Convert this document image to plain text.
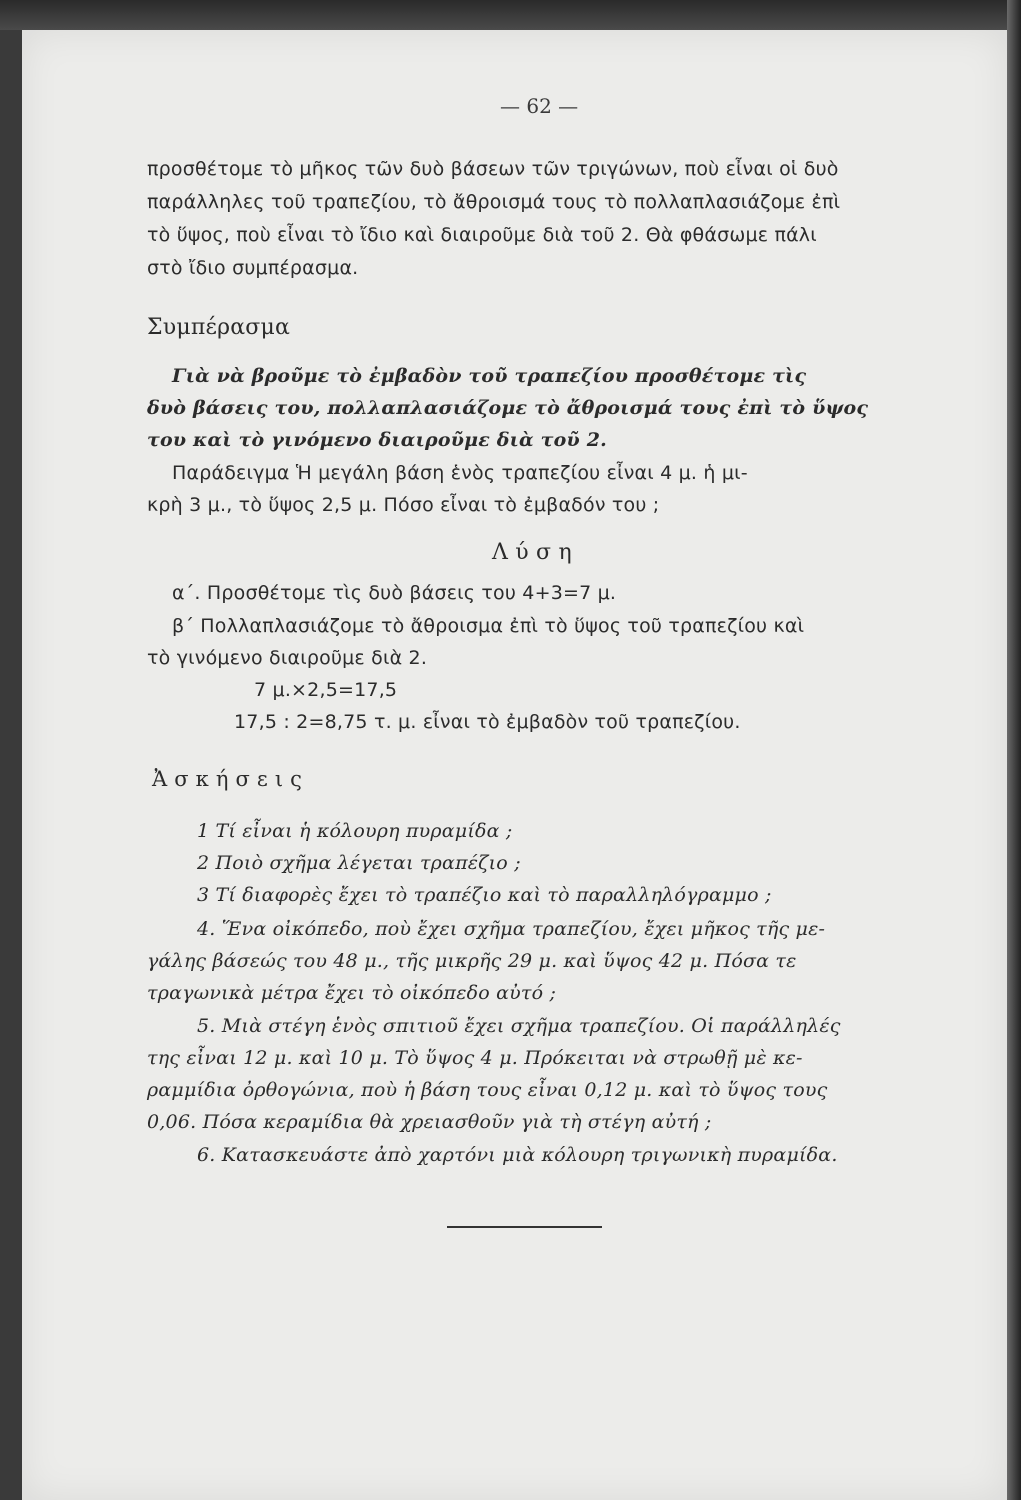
— 62 —
προσθέτομε τὸ μῆκος τῶν δυὸ βάσεων τῶν τριγώνων, ποὺ εἶναι οἱ δυὸ
παράλληλες τοῦ τραπεζίου, τὸ ἄθροισμά τους τὸ πολλαπλασιάζομε ἐπὶ
τὸ ὕψος, ποὺ εἶναι τὸ ἴδιο καὶ διαιροῦμε διὰ τοῦ 2. Θὰ φθάσωμε πάλι
στὸ ἴδιο συμπέρασμα.
Συμπέρασμα
Γιὰ νὰ βροῦμε τὸ ἐμβαδὸν τοῦ τραπεζίου προσθέτομε τὶς
δυὸ βάσεις του, πολλαπλασιάζομε τὸ ἄθροισμά τους ἐπὶ τὸ ὕψος
του καὶ τὸ γινόμενο διαιροῦμε διὰ τοῦ 2.
Παράδειγμα Ἡ μεγάλη βάση ἑνὸς τραπεζίου εἶναι 4 μ. ἡ μι-
κρὴ 3 μ., τὸ ὕψος 2,5 μ. Πόσο εἶναι τὸ ἐμβαδόν του ;
Λ ύ σ η
α΄. Προσθέτομε τὶς δυὸ βάσεις του 4+3=7 μ.
β΄ Πολλαπλασιάζομε τὸ ἄθροισμα ἐπὶ τὸ ὕψος τοῦ τραπεζίου καὶ
τὸ γινόμενο διαιροῦμε διὰ 2.
7 μ.×2,5=17,5
17,5 : 2=8,75 τ. μ. εἶναι τὸ ἐμβαδὸν τοῦ τραπεζίου.
Ἀ σ κ ή σ ε ι ς
1 Τί εἶναι ἡ κόλουρη πυραμίδα ;
2 Ποιὸ σχῆμα λέγεται τραπέζιο ;
3 Τί διαφορὲς ἔχει τὸ τραπέζιο καὶ τὸ παραλληλόγραμμο ;
4. Ἕνα οἰκόπεδο, ποὺ ἔχει σχῆμα τραπεζίου, ἔχει μῆκος τῆς με-
γάλης βάσεώς του 48 μ., τῆς μικρῆς 29 μ. καὶ ὕψος 42 μ. Πόσα τε
τραγωνικὰ μέτρα ἔχει τὸ οἰκόπεδο αὐτό ;
5. Μιὰ στέγη ἑνὸς σπιτιοῦ ἔχει σχῆμα τραπεζίου. Οἱ παράλληλές
της εἶναι 12 μ. καὶ 10 μ. Τὸ ὕψος 4 μ. Πρόκειται νὰ στρωθῇ μὲ κε-
ραμμίδια ὀρθογώνια, ποὺ ἡ βάση τους εἶναι 0,12 μ. καὶ τὸ ὕψος τους
0,06. Πόσα κεραμίδια θὰ χρειασθοῦν γιὰ τὴ στέγη αὐτή ;
6. Κατασκευάστε ἀπὸ χαρτόνι μιὰ κόλουρη τριγωνικὴ πυραμίδα.
